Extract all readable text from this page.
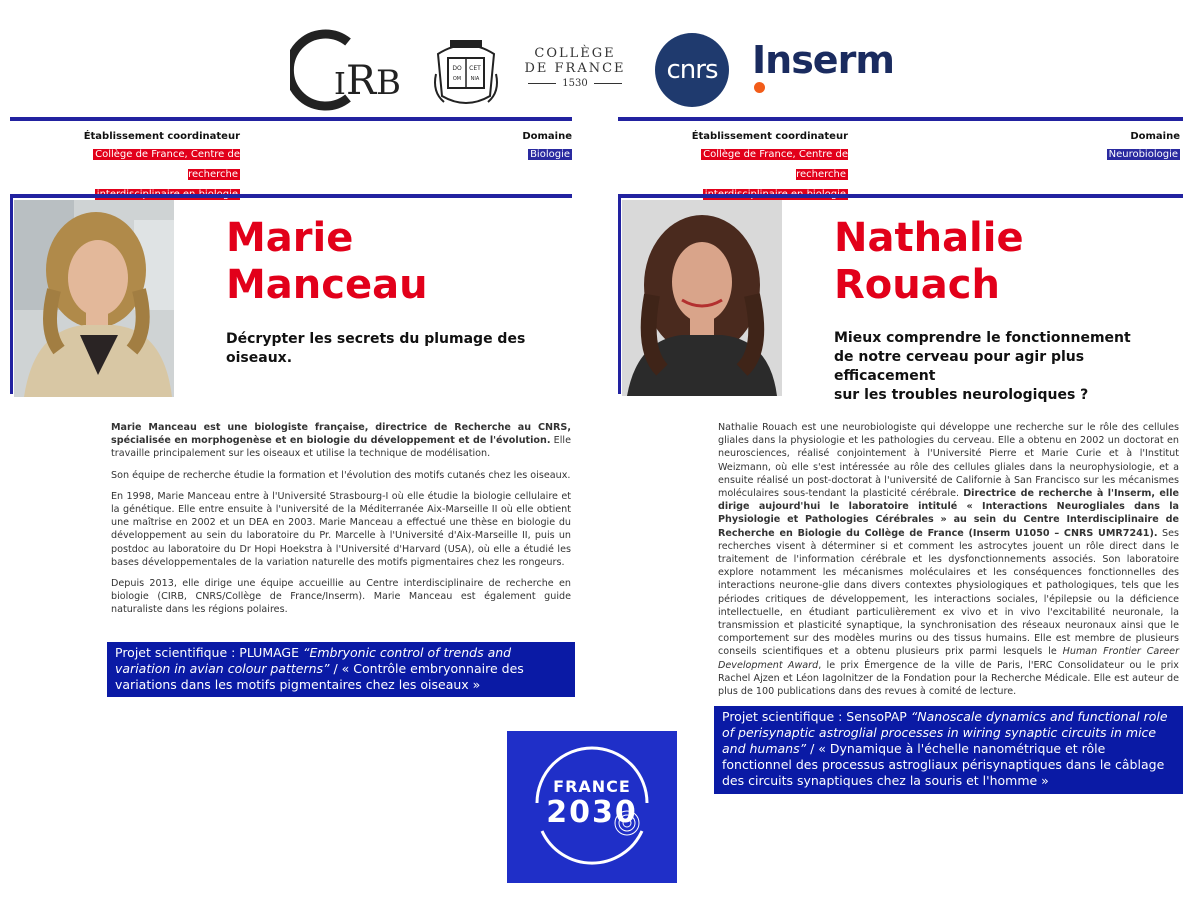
I R B	DO CET
OM NIA
COLLÈGE
DE FRANCE
1530	cnrs Inserm
Établissement coordinateur
Collège de France, Centre de recherche
Domaine
Biologie
Établissement coordinateur
Collège de France, Centre de recherche
Domaine
Neurobiologie
Marie
Manceau
Décrypter les secrets du plumage des oiseaux.

Marie Manceau est une biologiste française, directrice de Recherche au CNRS, spécialisée en morphogenèse et en biologie du développement et de l'évolution. Elle travaille principalement sur les oiseaux et utilise la technique de modélisation.

Son équipe de recherche étudie la formation et l'évolution des motifs cutanés chez les oiseaux.

En 1998, Marie Manceau entre à l'Université Strasbourg-I où elle étudie la biologie cellulaire et la génétique. Elle entre ensuite à l'université de la Méditerranée Aix-Marseille II où elle obtient une maîtrise en 2002 et un DEA en 2003. Marie Manceau a effectué une thèse en biologie du développement au sein du laboratoire du Pr. Marcelle à l'Université d'Aix-Marseille II, puis un postdoc au laboratoire du Dr Hopi Hoekstra à l'Université d'Harvard (USA), où elle a étudié les bases développementales de la variation naturelle des motifs pigmentaires chez les rongeurs.

Depuis 2013, elle dirige une équipe accueillie au Centre interdisciplinaire de recherche en biologie (CIRB, CNRS/Collège de France/Inserm). Marie Manceau est également guide naturaliste dans les régions polaires.

Projet scientifique : PLUMAGE “Embryonic control of trends and variation in avian colour patterns” / « Contrôle embryonnaire des variations dans les motifs pigmentaires chez les oiseaux »
Nathalie
Rouach
Mieux comprendre le fonctionnement
de notre cerveau pour agir plus efficacement
sur les troubles neurologiques ?

Nathalie Rouach est une neurobiologiste qui développe une recherche sur le rôle des cellules gliales dans la physiologie et les pathologies du cerveau. Elle a obtenu en 2002 un doctorat en neurosciences, réalisé conjointement à l'Université Pierre et Marie Curie et à l'Institut Weizmann, où elle s'est intéressée au rôle des cellules gliales dans la neurophysiologie, et a ensuite réalisé un post-doctorat à l'université de Californie à San Francisco sur les mécanismes moléculaires sous-tendant la plasticité cérébrale. Directrice de recherche à l'Inserm, elle dirige aujourd'hui le laboratoire intitulé « Interactions Neurogliales dans la Physiologie et Pathologies Cérébrales » au sein du Centre Interdisciplinaire de Recherche en Biologie du Collège de France (Inserm U1050 – CNRS UMR7241). Ses recherches visent à déterminer si et comment les astrocytes jouent un rôle direct dans le traitement de l'information cérébrale et les dysfonctionnements associés. Son laboratoire explore notamment les mécanismes moléculaires et les conséquences fonctionnelles des interactions neurone-glie dans divers contextes physiologiques et pathologiques, tels que les périodes critiques de développement, les interactions sociales, l'épilepsie ou la déficience intellectuelle, en étudiant particulièrement ex vivo et in vivo l'excitabilité neuronale, la transmission et plasticité synaptique, la synchronisation des réseaux neuronaux ainsi que le comportement sur des modèles murins ou des tissus humains. Elle est membre de plusieurs conseils scientifiques et a obtenu plusieurs prix parmi lesquels le Human Frontier Career Development Award, le prix Émergence de la ville de Paris, l'ERC Consolidateur ou le prix Rachel Ajzen et Léon Iagolnitzer de la Fondation pour la Recherche Médicale. Elle est auteur de plus de 100 publications dans des revues à comité de lecture.

Projet scientifique : SensoPAP “Nanoscale dynamics and functional role of perisynaptic astroglial processes in wiring synaptic circuits in mice and humans” / « Dynamique à l'échelle nanométrique et rôle fonctionnel des processus astrogliaux périsynaptiques dans le câblage des circuits synaptiques chez la souris et l'homme »
FRANCE
2030
